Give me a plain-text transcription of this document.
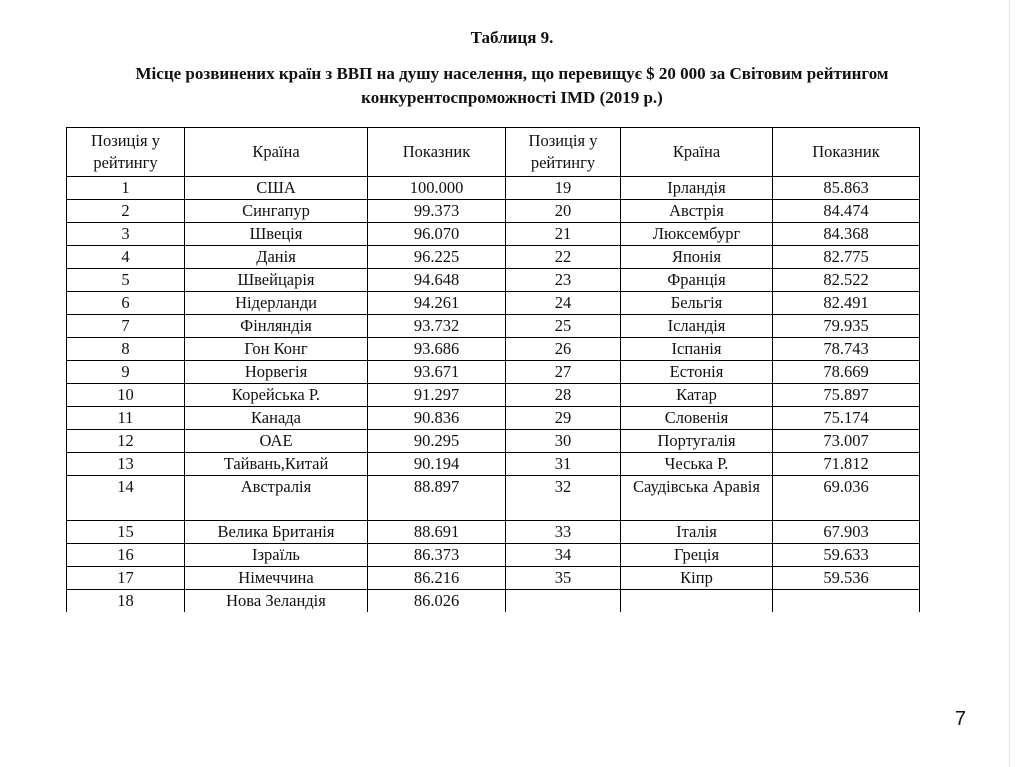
Таблиця 9.
Місце розвинених країн з ВВП на душу населення, що перевищує $ 20 000 за Світовим рейтингом конкурентоспроможності IMD (2019 р.)
Позиція у рейтингу	Країна	Показник	Позиція у рейтингу	Країна	Показник
1	США	100.000	19	Ірландія	85.863
2	Сингапур	99.373	20	Австрія	84.474
3	Швеція	96.070	21	Люксембург	84.368
4	Данія	96.225	22	Японія	82.775
5	Швейцарія	94.648	23	Франція	82.522
6	Нідерланди	94.261	24	Бельгія	82.491
7	Фінляндія	93.732	25	Ісландія	79.935
8	Гон Конг	93.686	26	Іспанія	78.743
9	Норвегія	93.671	27	Естонія	78.669
10	Корейська Р.	91.297	28	Катар	75.897
11	Канада	90.836	29	Словенія	75.174
12	ОАЕ	90.295	30	Португалія	73.007
13	Тайвань,Китай	90.194	31	Чеська Р.	71.812
14	Австралія	88.897	32	Саудівська Аравія	69.036
15	Велика Британія	88.691	33	Італія	67.903
16	Ізраїль	86.373	34	Греція	59.633
17	Німеччина	86.216	35	Кіпр	59.536
18	Нова Зеландія	86.026			
7
